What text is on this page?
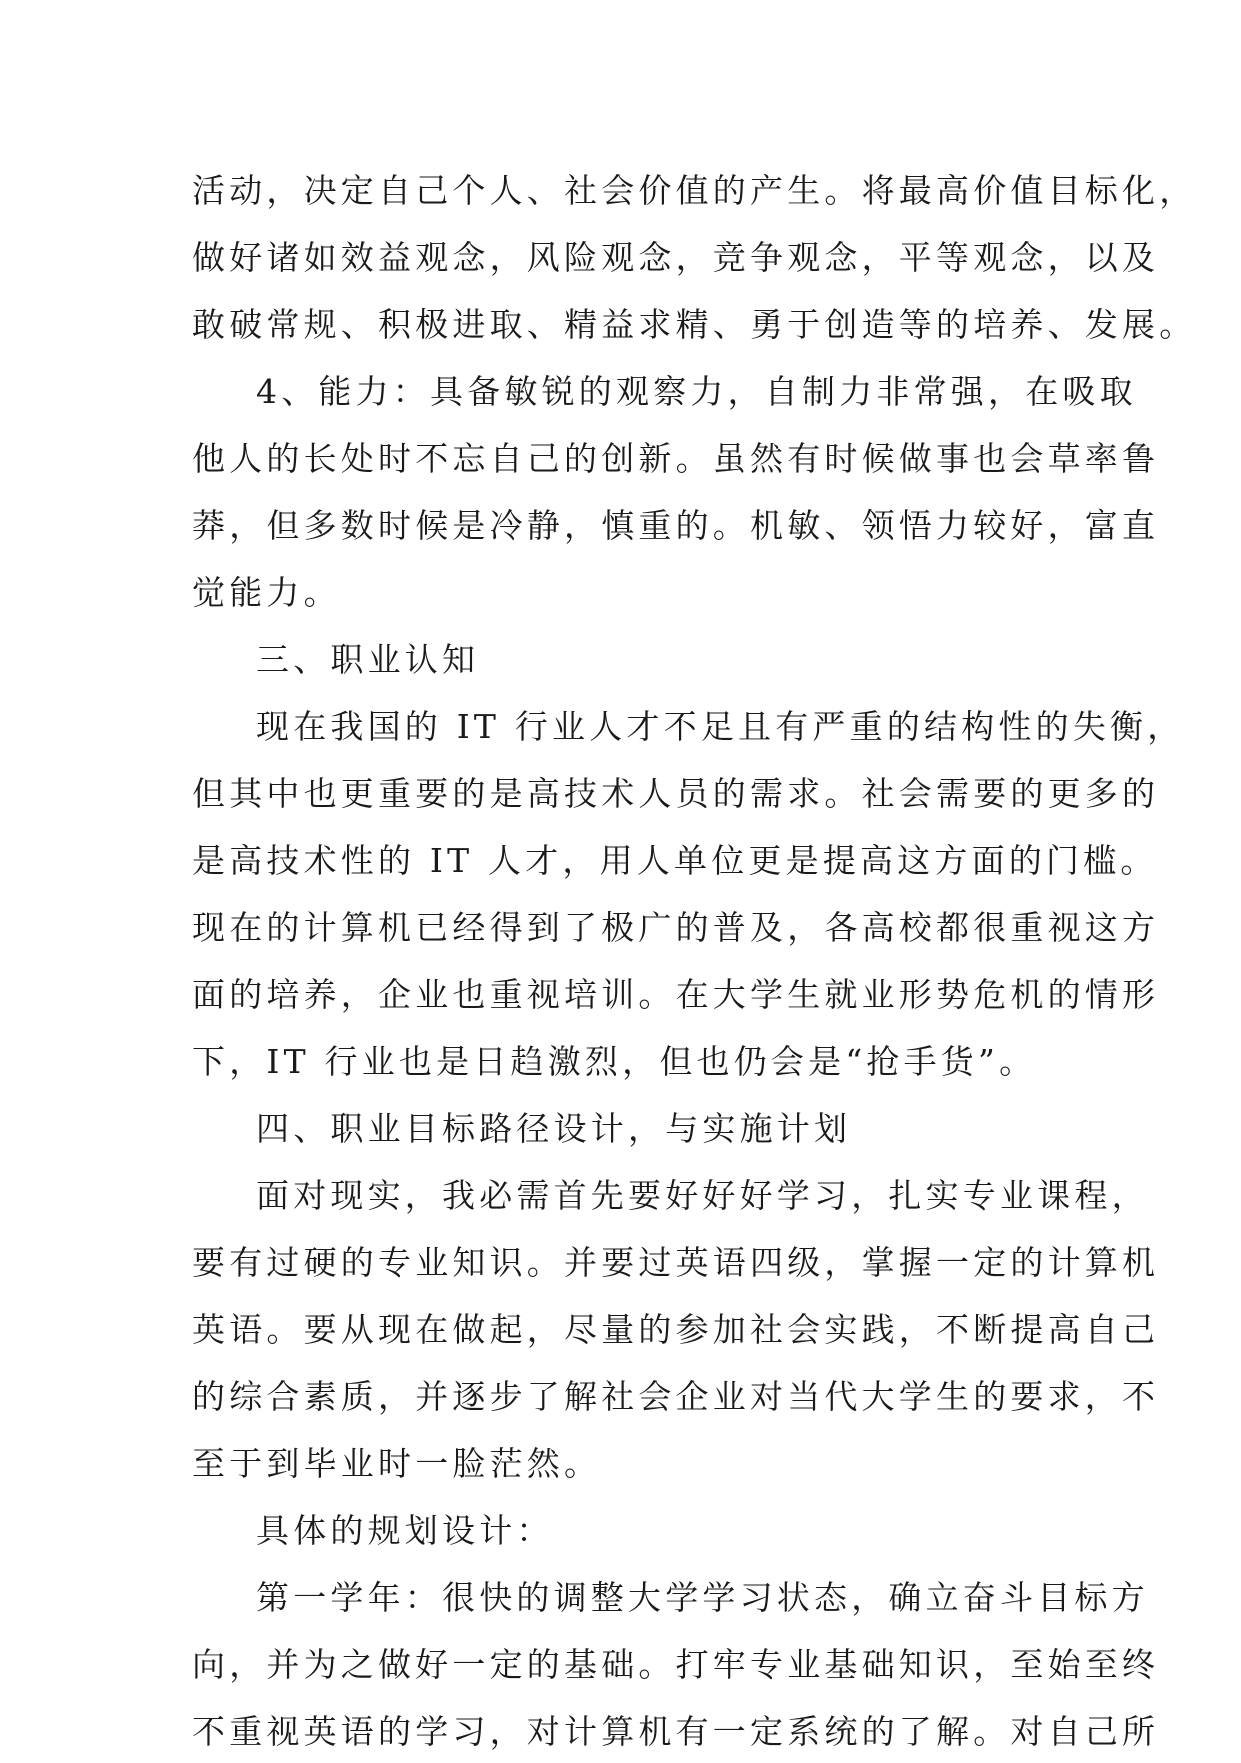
活动，决定自己个人、社会价值的产生。将最高价值目标化，
做好诸如效益观念，风险观念，竞争观念，平等观念，以及
敢破常规、积极进取、精益求精、勇于创造等的培养、发展。
4、能力：具备敏锐的观察力，自制力非常强，在吸取
他人的长处时不忘自己的创新。虽然有时候做事也会草率鲁
莽，但多数时候是冷静，慎重的。机敏、领悟力较好，富直
觉能力。
三、职业认知
现在我国的 IT 行业人才不足且有严重的结构性的失衡，
但其中也更重要的是高技术人员的需求。社会需要的更多的
是高技术性的 IT 人才，用人单位更是提高这方面的门槛。
现在的计算机已经得到了极广的普及，各高校都很重视这方
面的培养，企业也重视培训。在大学生就业形势危机的情形
下，IT 行业也是日趋激烈，但也仍会是“抢手货”。
四、职业目标路径设计，与实施计划
面对现实，我必需首先要好好好学习，扎实专业课程，
要有过硬的专业知识。并要过英语四级，掌握一定的计算机
英语。要从现在做起，尽量的参加社会实践，不断提高自己
的综合素质，并逐步了解社会企业对当代大学生的要求，不
至于到毕业时一脸茫然。
具体的规划设计：
第一学年：很快的调整大学学习状态，确立奋斗目标方
向，并为之做好一定的基础。打牢专业基础知识，至始至终
不重视英语的学习，对计算机有一定系统的了解。对自己所
